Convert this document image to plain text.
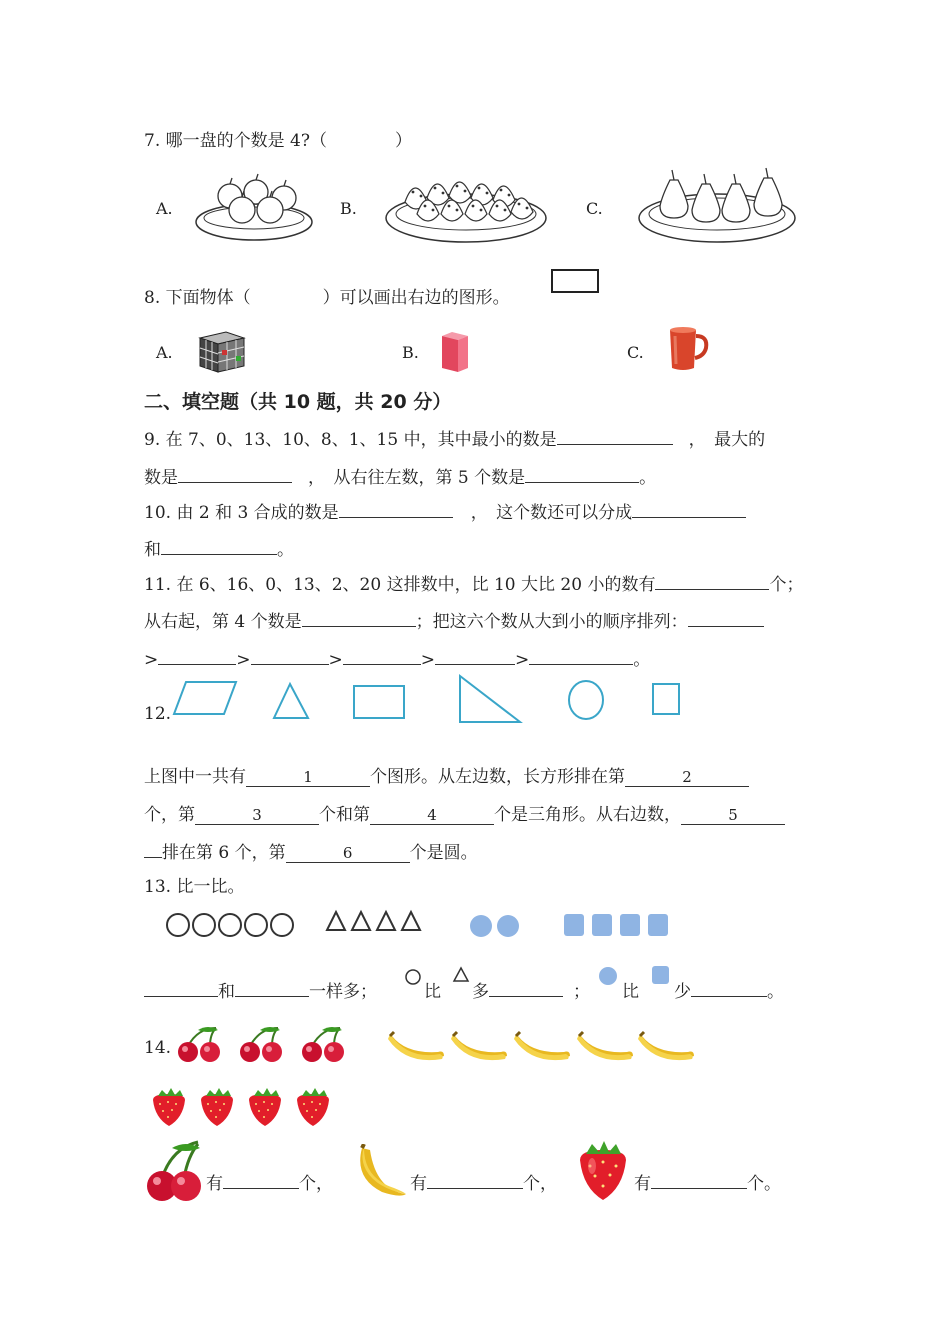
7. 哪一盘的个数是 4?（　　　　）
A.	B.	C.
8. 下面物体（	）可以画出右边的图形。
A.	B.	C.
二、填空题（共 10 题，共 20 分）
9. 在 7、0、13、10、8、1、15 中，其中最小的数是	，　最大的
数是	，　从右往左数，第 5 个数是	。
10. 由 2 和 3 合成的数是	，　这个数还可以分成
和	。
11. 在 6、16、0、13、2、20 这排数中，比 10 大比 20 小的数有	个；
从右起，第 4 个数是	；把这六个数从大到小的顺序排列：
>	>	>	>	>	。
12.
上图中一共有	1	个图形。从左边数，长方形排在第	2
个，第	3	个和第	4	个是三角形。从右边数，	5
排在第 6 个，第	6	个是圆。
13. 比一比。
和	一样多；	比 多	； 比 少	。
14.
有	个，	有	个，	有	个。
